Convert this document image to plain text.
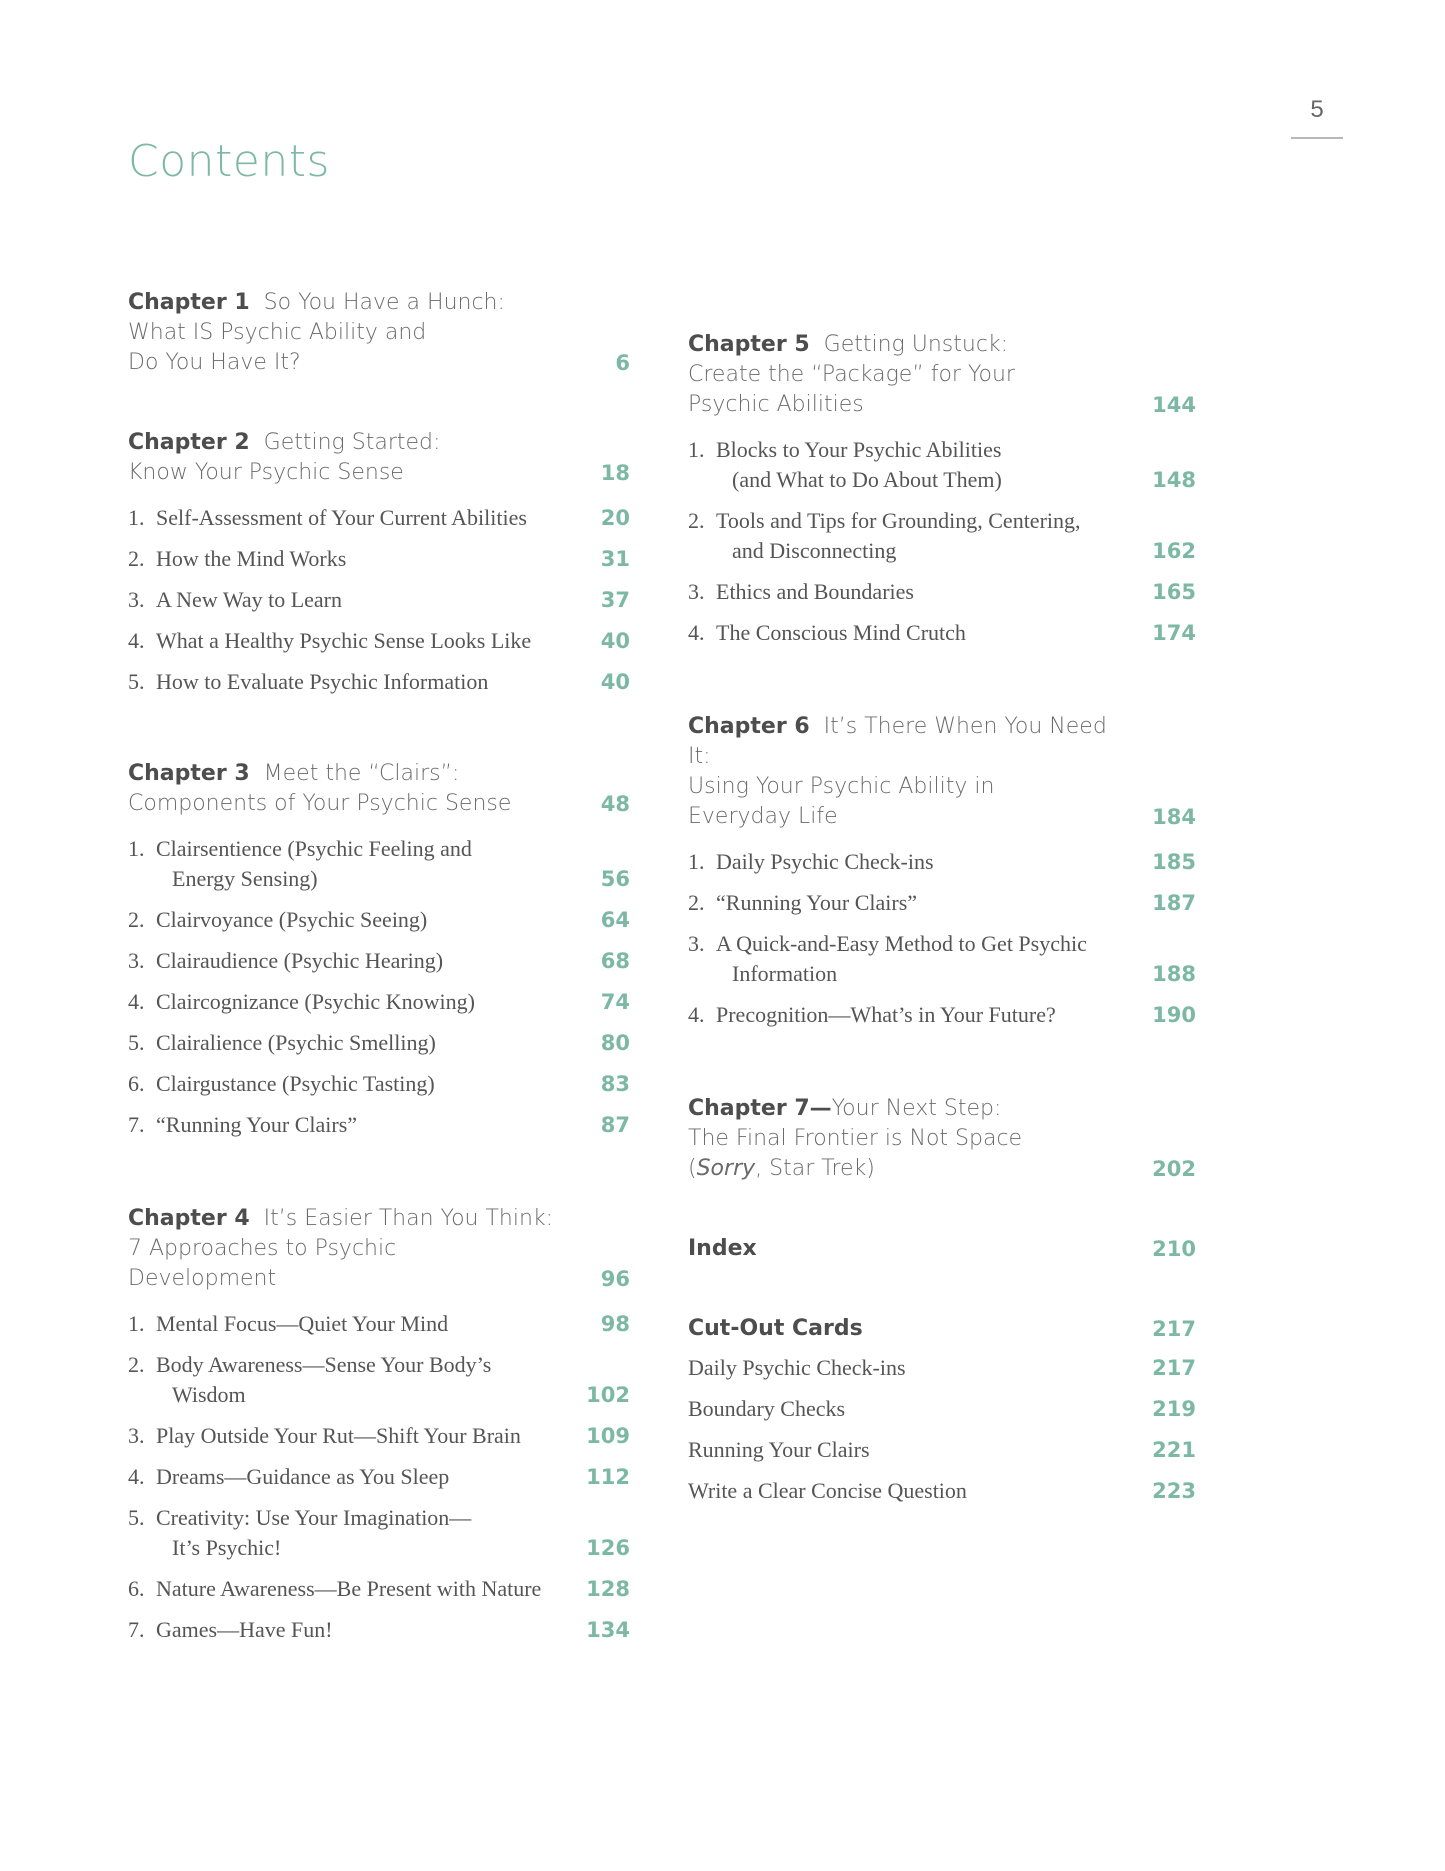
5
Contents
Chapter 1 So You Have a Hunch:
What IS Psychic Ability and
Do You Have It?	6
Chapter 2 Getting Started:
Know Your Psychic Sense	18
1. Self-Assessment of Your Current Abilities	20
2. How the Mind Works	31
3. A New Way to Learn	37
4. What a Healthy Psychic Sense Looks Like	40
5. How to Evaluate Psychic Information	40
Chapter 3 Meet the “Clairs”:
Components of Your Psychic Sense	48
1. Clairsentience (Psychic Feeling and
Energy Sensing)	56
2. Clairvoyance (Psychic Seeing)	64
3. Clairaudience (Psychic Hearing)	68
4. Claircognizance (Psychic Knowing)	74
5. Clairalience (Psychic Smelling)	80
6. Clairgustance (Psychic Tasting)	83
7. “Running Your Clairs”	87
Chapter 4 It’s Easier Than You Think:
7 Approaches to Psychic
Development	96
1. Mental Focus—Quiet Your Mind	98
2. Body Awareness—Sense Your Body’s
Wisdom	102
3. Play Outside Your Rut—Shift Your Brain	109
4. Dreams—Guidance as You Sleep	112
5. Creativity: Use Your Imagination—
It’s Psychic!	126
6. Nature Awareness—Be Present with Nature 128
7. Games—Have Fun!	134
Chapter 5 Getting Unstuck:
Create the “Package” for Your
Psychic Abilities	144
1. Blocks to Your Psychic Abilities
(and What to Do About Them)	148
2. Tools and Tips for Grounding, Centering,
and Disconnecting	162
3. Ethics and Boundaries	165
4. The Conscious Mind Crutch	174
Chapter 6 It’s There When You Need It:
Using Your Psychic Ability in
Everyday Life	184
1. Daily Psychic Check-ins	185
2. “Running Your Clairs”	187
3. A Quick-and-Easy Method to Get Psychic
Information	188
4. Precognition—What’s in Your Future?	190
Chapter 7—Your Next Step:
The Final Frontier is Not Space
(Sorry, Star Trek)	202
Index	210
Cut-Out Cards	217
Daily Psychic Check-ins	217
Boundary Checks	219
Running Your Clairs	221
Write a Clear Concise Question	223
